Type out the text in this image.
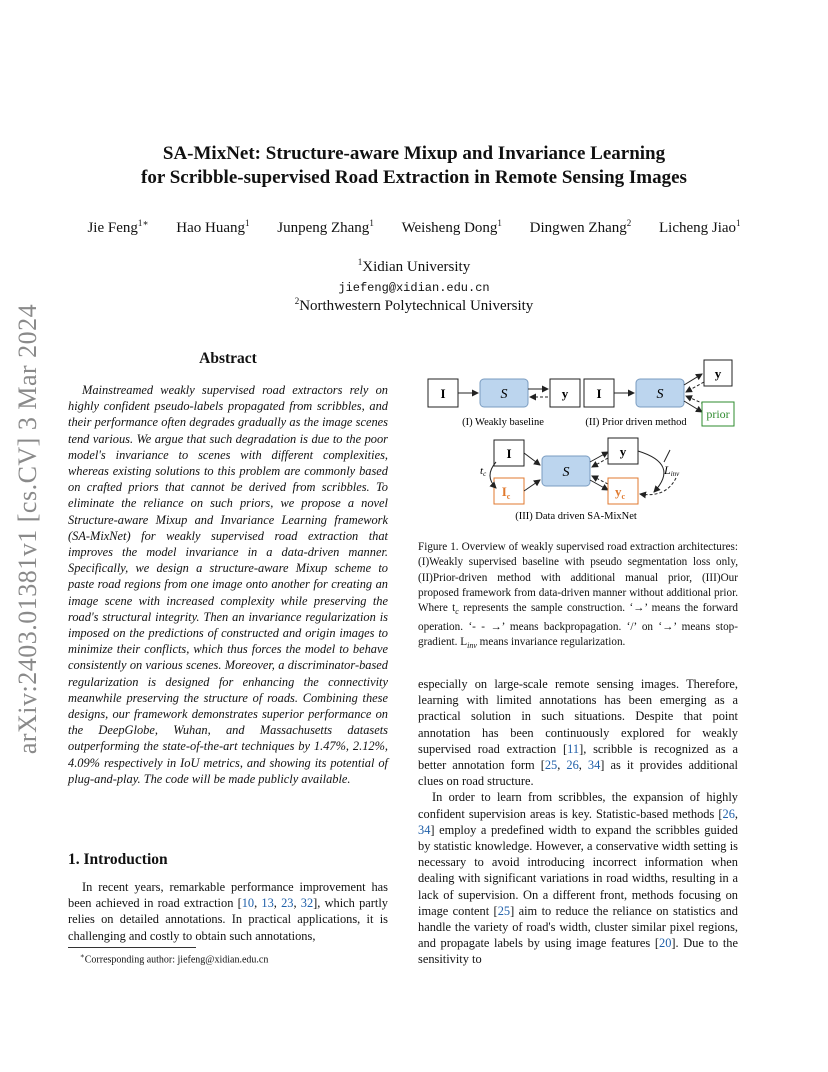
arXiv:2403.01381v1 [cs.CV] 3 Mar 2024
SA-MixNet: Structure-aware Mixup and Invariance Learning
for Scribble-supervised Road Extraction in Remote Sensing Images
Jie Feng$^{1∗}$ Hao Huang$^1$ Junpeng Zhang$^1$ Weisheng Dong$^1$ Dingwen Zhang$^2$ Licheng Jiao$^1$
$^1$Xidian University
jiefeng@xidian.edu.cn
$^2$Northwestern Polytechnical University
Abstract

Mainstreamed weakly supervised road extractors rely on highly confident pseudo-labels propagated from scribbles, and their performance often degrades gradually as the image scenes tend various. We argue that such degradation is due to the poor model's invariance to scenes with different complexities, whereas existing solutions to this problem are commonly based on crafted priors that cannot be derived from scribbles. To eliminate the reliance on such priors, we propose a novel Structure-aware Mixup and Invariance Learning framework (SA-MixNet) for weakly supervised road extraction that improves the model invariance in a data-driven manner. Specifically, we design a structure-aware Mixup scheme to paste road regions from one image onto another for creating an image scene with increased complexity while preserving the road's structural integrity. Then an invariance regularization is imposed on the predictions of constructed and origin images to minimize their conflicts, which thus forces the model to behave consistently on various scenes. Moreover, a discriminator-based regularization is designed for enhancing the connectivity meanwhile preserving the structure of roads. Combining these designs, our framework demonstrates superior performance on the DeepGlobe, Wuhan, and Massachusetts datasets outperforming the state-of-the-art techniques by 1.47%, 2.12%, 4.09% respectively in IoU metrics, and showing its potential of plug-and-play. The code will be made publicly available.

1. Introduction

In recent years, remarkable performance improvement has been achieved in road extraction [10, 13, 23, 32], which partly relies on detailed annotations. In practical applications, it is challenging and costly to obtain such annotations,

∗Corresponding author: jiefeng@xidian.edu.cn
I	S	y
(I) Weakly baseline
I	S
y
prior
(II) Prior driven method
I
$I_c$
tc	S
y
$y_c$
Linv
(III) Data driven SA-MixNet
Figure 1. Overview of weakly supervised road extraction architectures:(I)Weakly supervised baseline with pseudo segmentation loss only, (II)Prior-driven method with additional manual prior, (III)Our proposed framework from data-driven manner without additional prior. Where $t_c$ represents the sample construction. ‘→’ means the forward operation. ‘- - →’ means backpropagation. ‘/’ on ‘→’ means stop-gradient. $L_{inv}$ means invariance regularization.

especially on large-scale remote sensing images. Therefore, learning with limited annotations has been emerging as a practical solution in such situations. Despite that point annotation has been continuously explored for weakly supervised road extraction [11], scribble is recognized as a better annotation form [25, 26, 34] as it provides additional clues on road structure.

In order to learn from scribbles, the expansion of highly confident supervision areas is key. Statistic-based methods [26, 34] employ a predefined width to expand the scribbles guided by statistic knowledge. However, a conservative width setting is necessary to avoid introducing incorrect information when dealing with significant variations in road widths, resulting in a lack of supervision. On a different front, methods focusing on image content [25] aim to reduce the reliance on statistics and handle the variety of road's width, cluster similar pixel regions, and propagate labels by using image features [20]. Due to the sensitivity to
